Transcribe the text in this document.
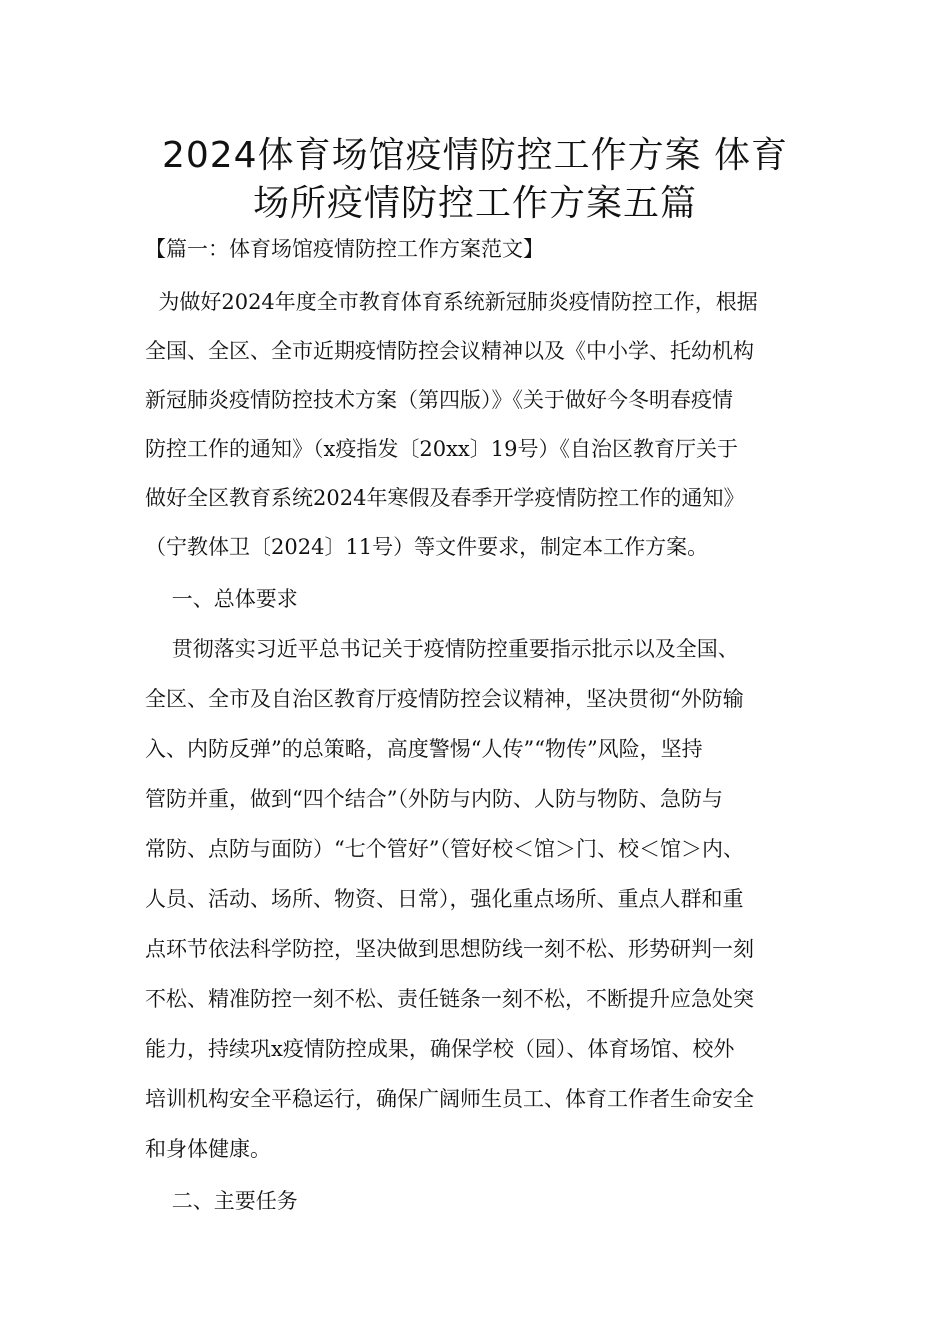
2024体育场馆疫情防控工作方案 体育
场所疫情防控工作方案五篇

【篇一：体育场馆疫情防控工作方案范文】

为做好2024年度全市教育体育系统新冠肺炎疫情防控工作，根据

全国、全区、全市近期疫情防控会议精神以及《中小学、托幼机构

新冠肺炎疫情防控技术方案（第四版）》《关于做好今冬明春疫情

防控工作的通知》（x疫指发〔20xx〕19号）《自治区教育厅关于

做好全区教育系统2024年寒假及春季开学疫情防控工作的通知》

（宁教体卫〔2024〕11号）等文件要求，制定本工作方案。

一、总体要求

贯彻落实习近平总书记关于疫情防控重要指示批示以及全国、

全区、全市及自治区教育厅疫情防控会议精神，坚决贯彻“外防输

入、内防反弹”的总策略，高度警惕“人传”“物传”风险，坚持

管防并重，做到“四个结合”（外防与内防、人防与物防、急防与

常防、点防与面防）“七个管好”（管好校＜馆＞门、校＜馆＞内、

人员、活动、场所、物资、日常），强化重点场所、重点人群和重

点环节依法科学防控，坚决做到思想防线一刻不松、形势研判一刻

不松、精准防控一刻不松、责任链条一刻不松，不断提升应急处突

能力，持续巩x疫情防控成果，确保学校（园）、体育场馆、校外

培训机构安全平稳运行，确保广阔师生员工、体育工作者生命安全

和身体健康。

二、主要任务
